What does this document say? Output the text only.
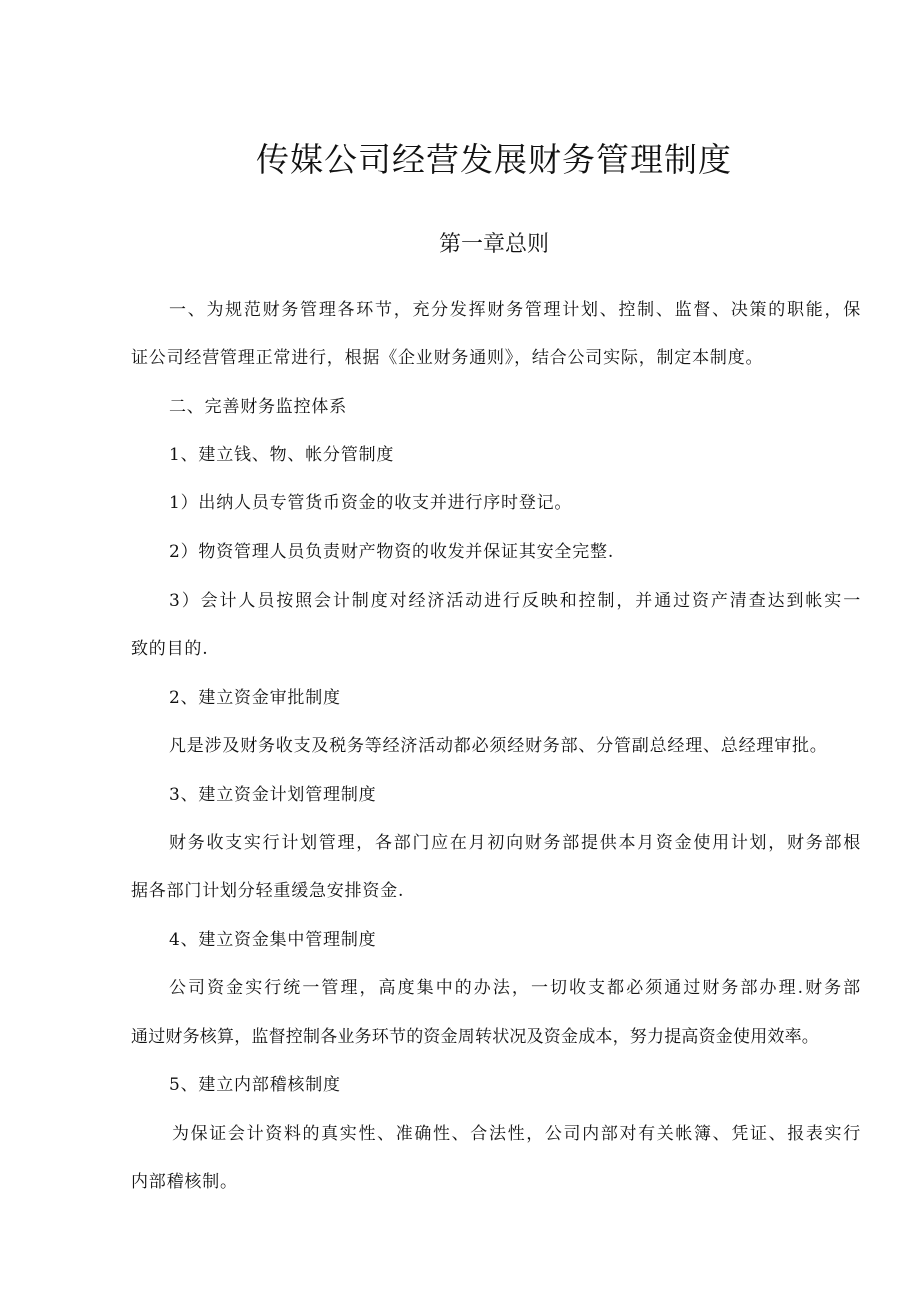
传媒公司经营发展财务管理制度
第一章总则
一、为规范财务管理各环节，充分发挥财务管理计划、控制、监督、决策的职能，保
证公司经营管理正常进行，根据《企业财务通则》，结合公司实际，制定本制度。
二、完善财务监控体系
1、建立钱、物、帐分管制度
1）出纳人员专管货币资金的收支并进行序时登记。
2）物资管理人员负责财产物资的收发并保证其安全完整.
3）会计人员按照会计制度对经济活动进行反映和控制，并通过资产清查达到帐实一
致的目的.
2、建立资金审批制度
凡是涉及财务收支及税务等经济活动都必须经财务部、分管副总经理、总经理审批。
3、建立资金计划管理制度
财务收支实行计划管理，各部门应在月初向财务部提供本月资金使用计划，财务部根
据各部门计划分轻重缓急安排资金.
4、建立资金集中管理制度
公司资金实行统一管理，高度集中的办法，一切收支都必须通过财务部办理.财务部
通过财务核算，监督控制各业务环节的资金周转状况及资金成本，努力提高资金使用效率。
5、建立内部稽核制度
为保证会计资料的真实性、准确性、合法性，公司内部对有关帐簿、凭证、报表实行
内部稽核制。
